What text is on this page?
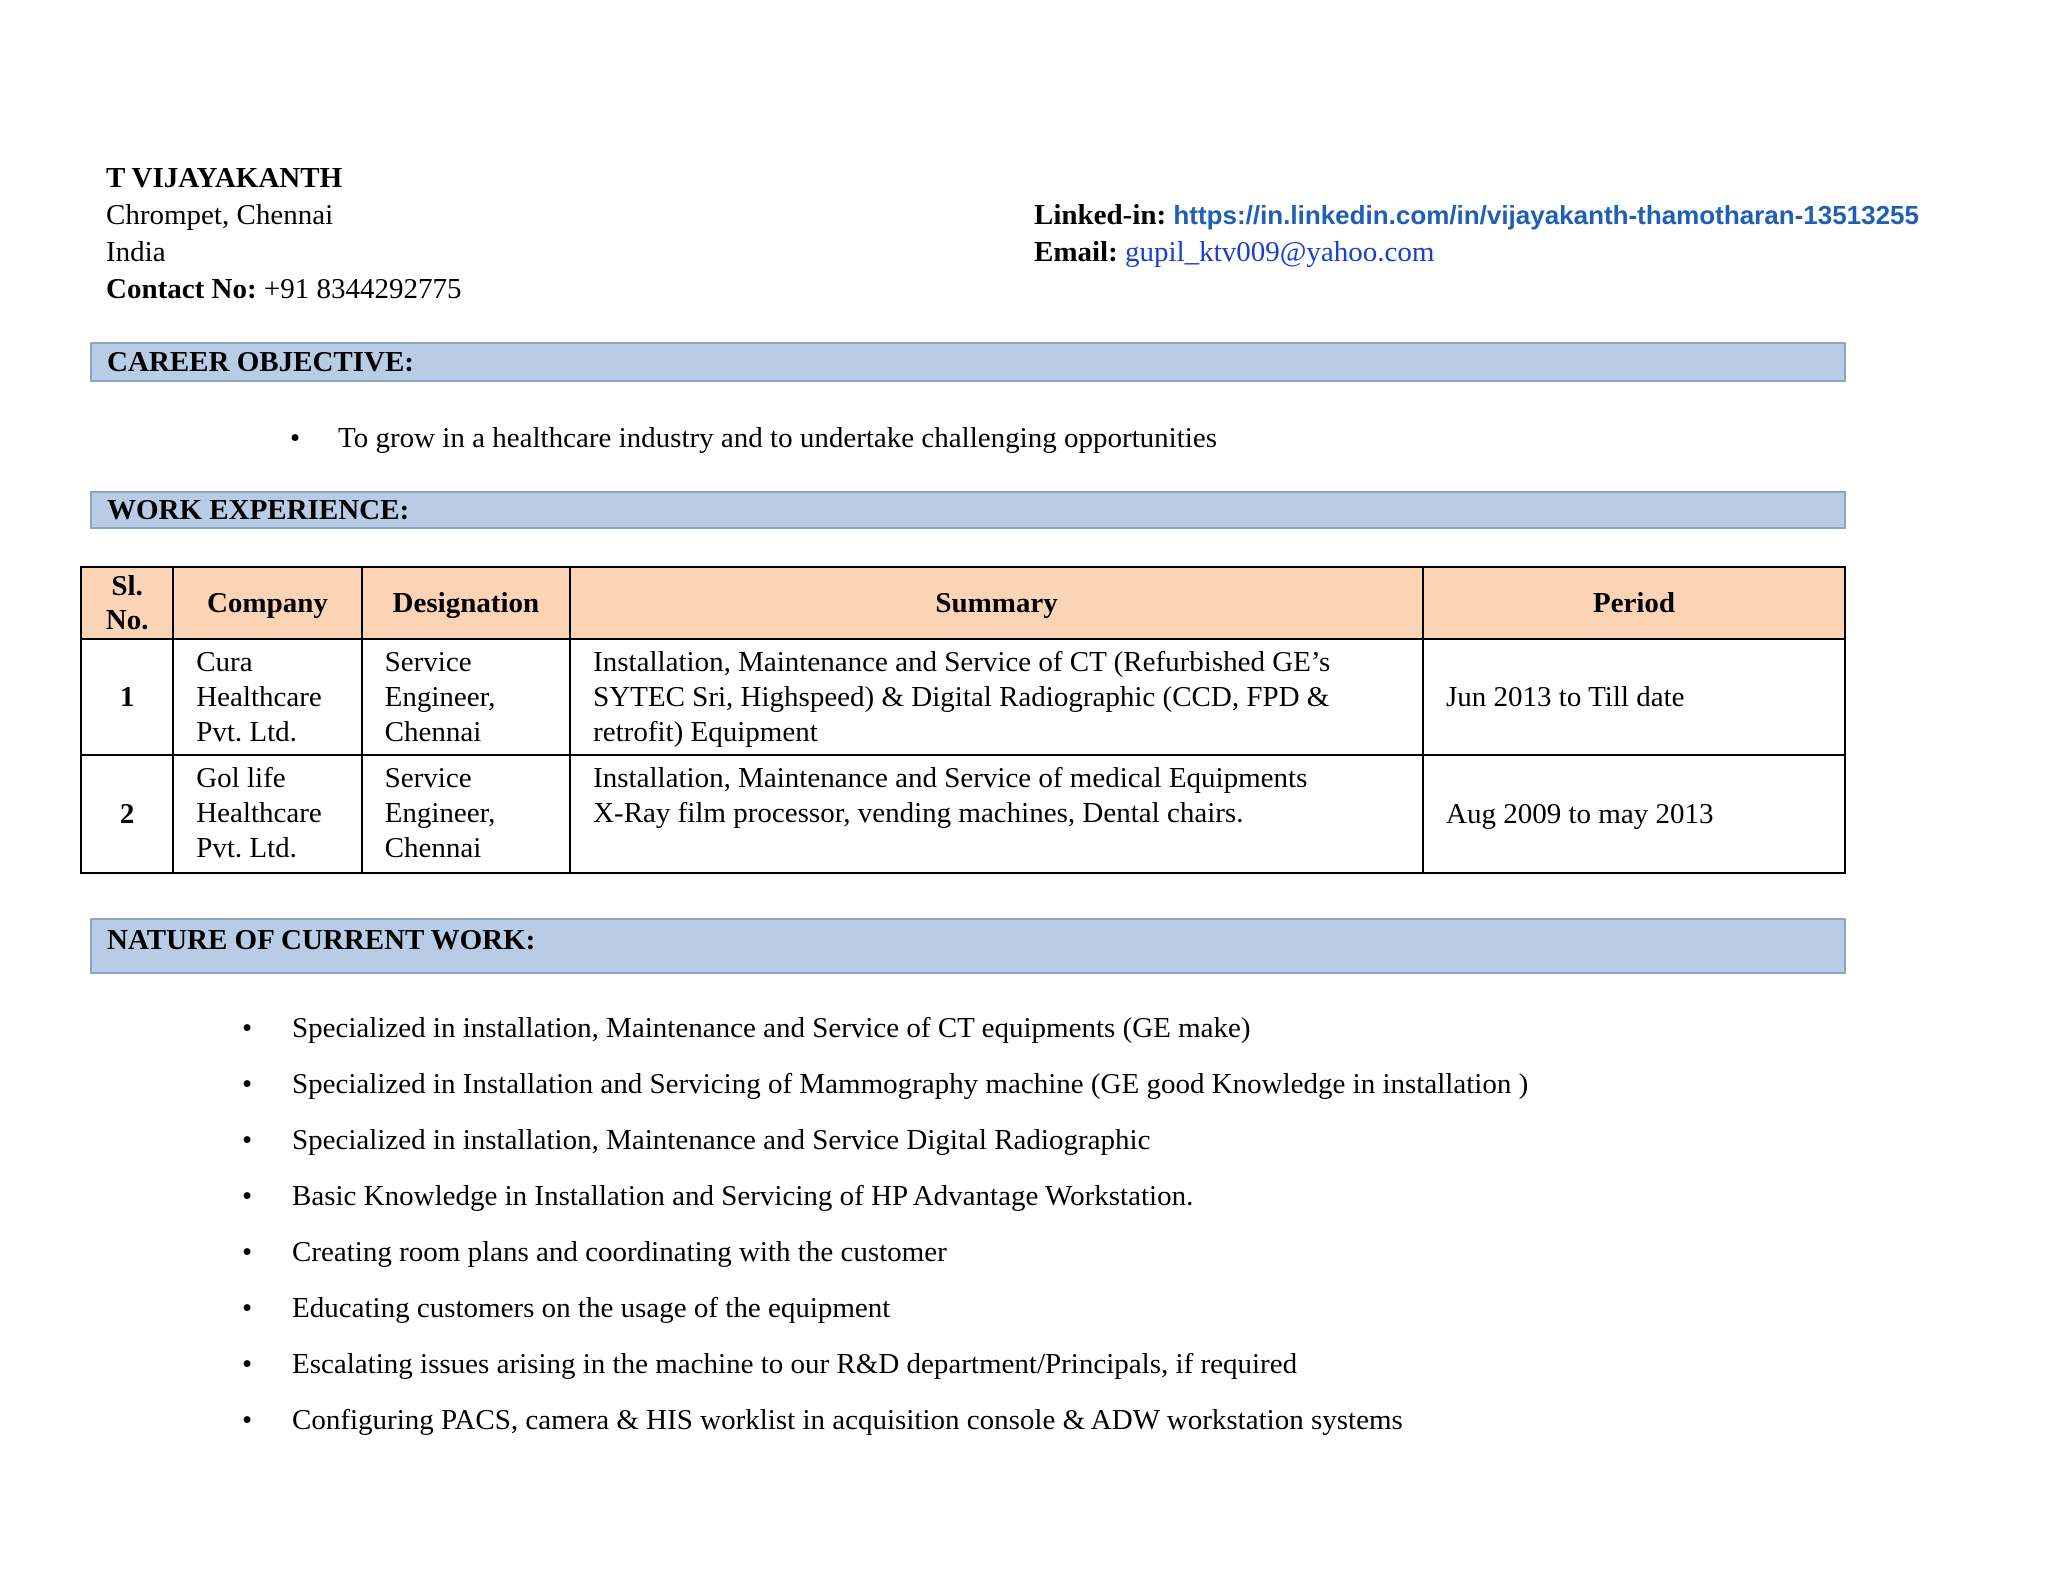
T VIJAYAKANTH
Chrompet, Chennai
India
Contact No: +91 8344292775
Linked-in: https://in.linkedin.com/in/vijayakanth-thamotharan-13513255
Email: gupil_ktv009@yahoo.com
CAREER OBJECTIVE:
• To grow in a healthcare industry and to undertake challenging opportunities
WORK EXPERIENCE:
Sl.
No.	Company	Designation	Summary	Period
1	Cura
Healthcare
Pvt. Ltd.	Service
Engineer,
Chennai	Installation, Maintenance and Service of CT (Refurbished GE’s
SYTEC Sri, Highspeed) & Digital Radiographic (CCD, FPD &
retrofit) Equipment	Jun 2013 to Till date
2	Gol life
Healthcare
Pvt. Ltd.	Service
Engineer,
Chennai	Installation, Maintenance and Service of medical Equipments
X-Ray film processor, vending machines, Dental chairs.	Aug 2009 to may 2013
NATURE OF CURRENT WORK:
• Specialized in installation, Maintenance and Service of CT equipments (GE make)
• Specialized in Installation and Servicing of Mammography machine (GE good Knowledge in installation )
• Specialized in installation, Maintenance and Service Digital Radiographic
• Basic Knowledge in Installation and Servicing of HP Advantage Workstation.
• Creating room plans and coordinating with the customer
• Educating customers on the usage of the equipment
• Escalating issues arising in the machine to our R&D department/Principals, if required
• Configuring PACS, camera & HIS worklist in acquisition console & ADW workstation systems
